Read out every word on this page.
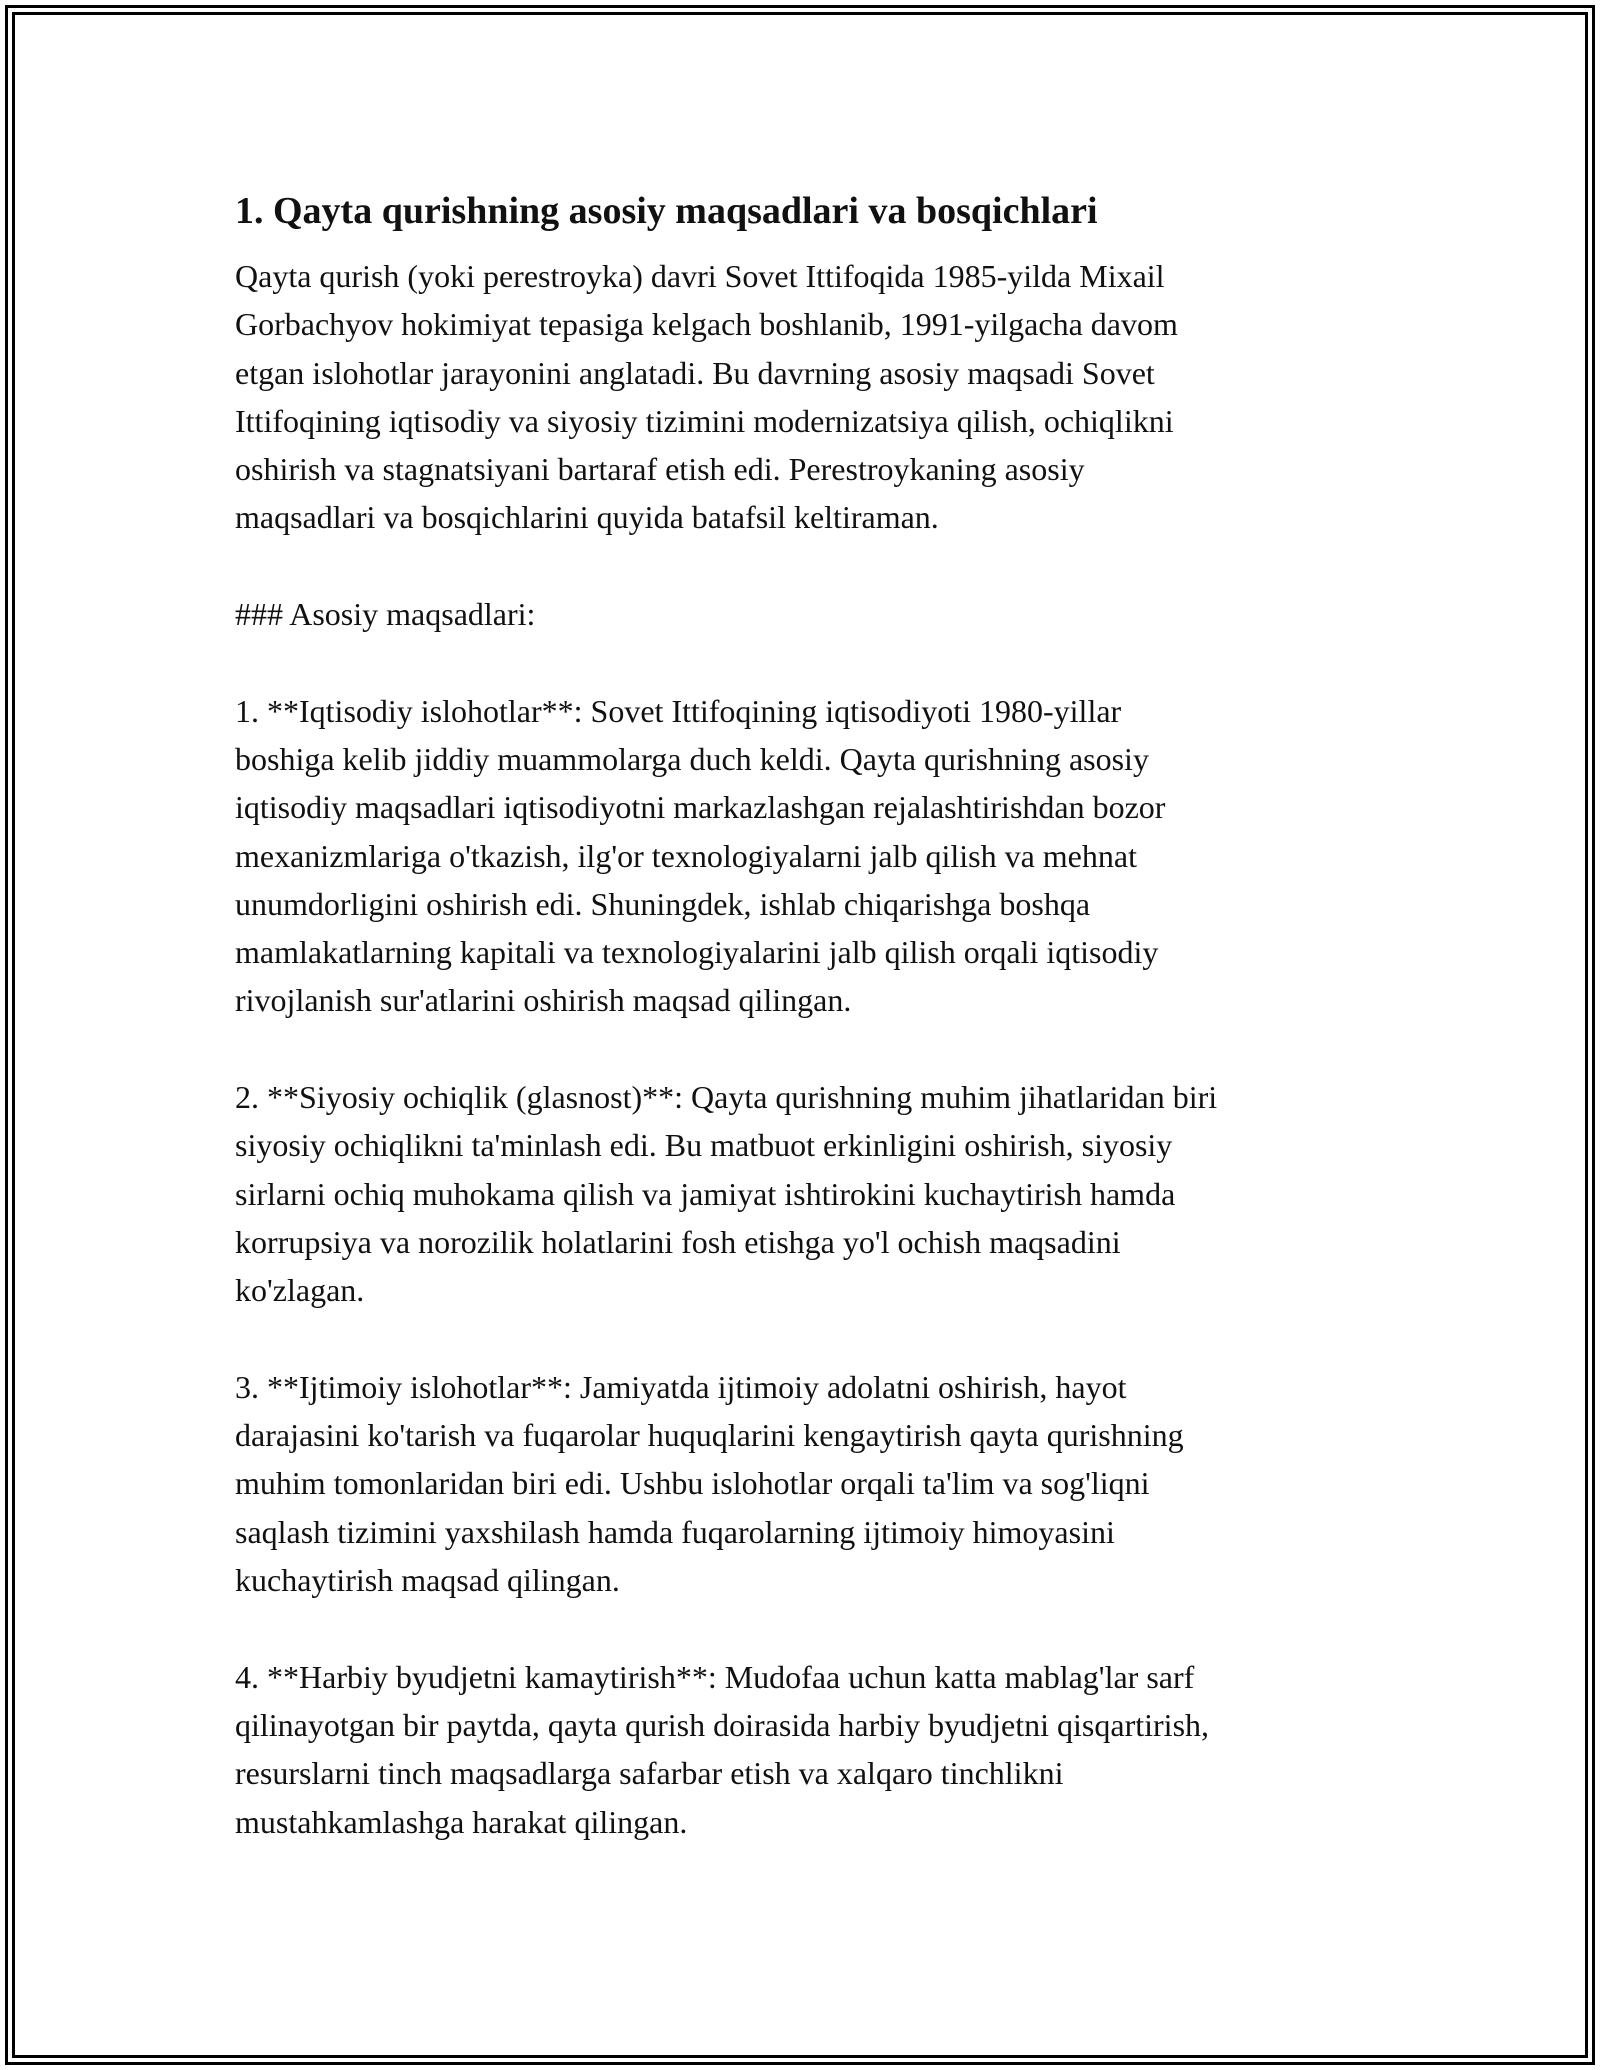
1. Qayta qurishning asosiy maqsadlari va bosqichlari

Qayta qurish (yoki perestroyka) davri Sovet Ittifoqida 1985-yilda Mixail
Gorbachyov hokimiyat tepasiga kelgach boshlanib, 1991-yilgacha davom
etgan islohotlar jarayonini anglatadi. Bu davrning asosiy maqsadi Sovet
Ittifoqining iqtisodiy va siyosiy tizimini modernizatsiya qilish, ochiqlikni
oshirish va stagnatsiyani bartaraf etish edi. Perestroykaning asosiy
maqsadlari va bosqichlarini quyida batafsil keltiraman.

### Asosiy maqsadlari:

1. **Iqtisodiy islohotlar**: Sovet Ittifoqining iqtisodiyoti 1980-yillar
boshiga kelib jiddiy muammolarga duch keldi. Qayta qurishning asosiy
iqtisodiy maqsadlari iqtisodiyotni markazlashgan rejalashtirishdan bozor
mexanizmlariga o'tkazish, ilg'or texnologiyalarni jalb qilish va mehnat
unumdorligini oshirish edi. Shuningdek, ishlab chiqarishga boshqa
mamlakatlarning kapitali va texnologiyalarini jalb qilish orqali iqtisodiy
rivojlanish sur'atlarini oshirish maqsad qilingan.

2. **Siyosiy ochiqlik (glasnost)**: Qayta qurishning muhim jihatlaridan biri
siyosiy ochiqlikni ta'minlash edi. Bu matbuot erkinligini oshirish, siyosiy
sirlarni ochiq muhokama qilish va jamiyat ishtirokini kuchaytirish hamda
korrupsiya va norozilik holatlarini fosh etishga yo'l ochish maqsadini
ko'zlagan.

3. **Ijtimoiy islohotlar**: Jamiyatda ijtimoiy adolatni oshirish, hayot
darajasini ko'tarish va fuqarolar huquqlarini kengaytirish qayta qurishning
muhim tomonlaridan biri edi. Ushbu islohotlar orqali ta'lim va sog'liqni
saqlash tizimini yaxshilash hamda fuqarolarning ijtimoiy himoyasini
kuchaytirish maqsad qilingan.

4. **Harbiy byudjetni kamaytirish**: Mudofaa uchun katta mablag'lar sarf
qilinayotgan bir paytda, qayta qurish doirasida harbiy byudjetni qisqartirish,
resurslarni tinch maqsadlarga safarbar etish va xalqaro tinchlikni
mustahkamlashga harakat qilingan.
